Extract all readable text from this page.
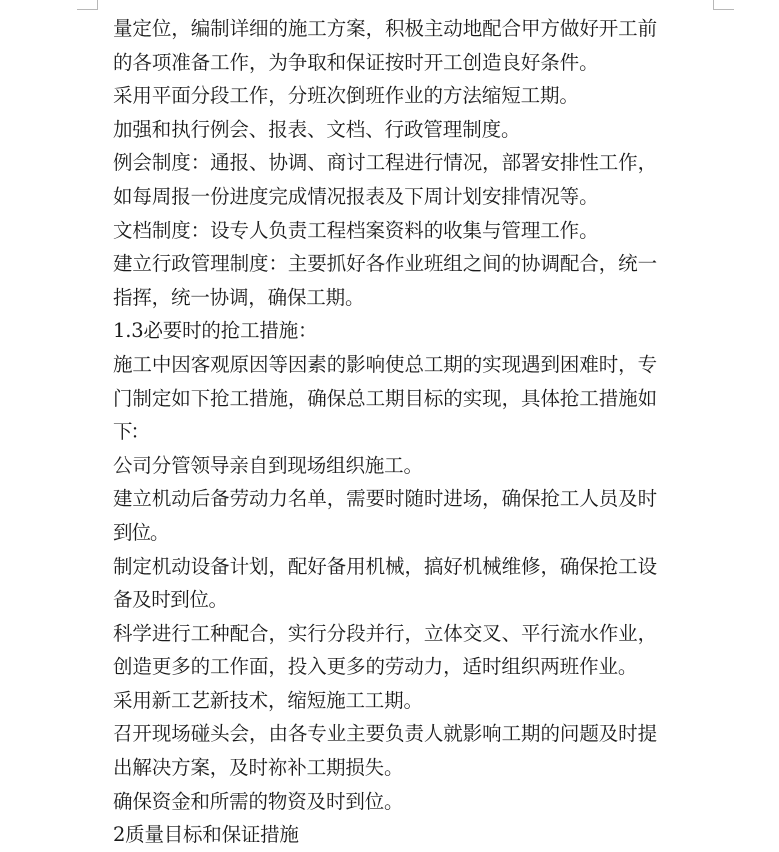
量定位，编制详细的施工方案，积极主动地配合甲方做好开工前
的各项准备工作，为争取和保证按时开工创造良好条件。
采用平面分段工作，分班次倒班作业的方法缩短工期。
加强和执行例会、报表、文档、行政管理制度。
例会制度：通报、协调、商讨工程进行情况，部署安排性工作，
如每周报一份进度完成情况报表及下周计划安排情况等。
文档制度：设专人负责工程档案资料的收集与管理工作。
建立行政管理制度：主要抓好各作业班组之间的协调配合，统一
指挥，统一协调，确保工期。
1.3必要时的抢工措施：
施工中因客观原因等因素的影响使总工期的实现遇到困难时，专
门制定如下抢工措施，确保总工期目标的实现，具体抢工措施如
下：
公司分管领导亲自到现场组织施工。
建立机动后备劳动力名单，需要时随时进场，确保抢工人员及时
到位。
制定机动设备计划，配好备用机械，搞好机械维修，确保抢工设
备及时到位。
科学进行工种配合，实行分段并行，立体交叉、平行流水作业，
创造更多的工作面，投入更多的劳动力，适时组织两班作业。
采用新工艺新技术，缩短施工工期。
召开现场碰头会，由各专业主要负责人就影响工期的问题及时提
出解决方案，及时祢补工期损失。
确保资金和所需的物资及时到位。
2质量目标和保证措施
